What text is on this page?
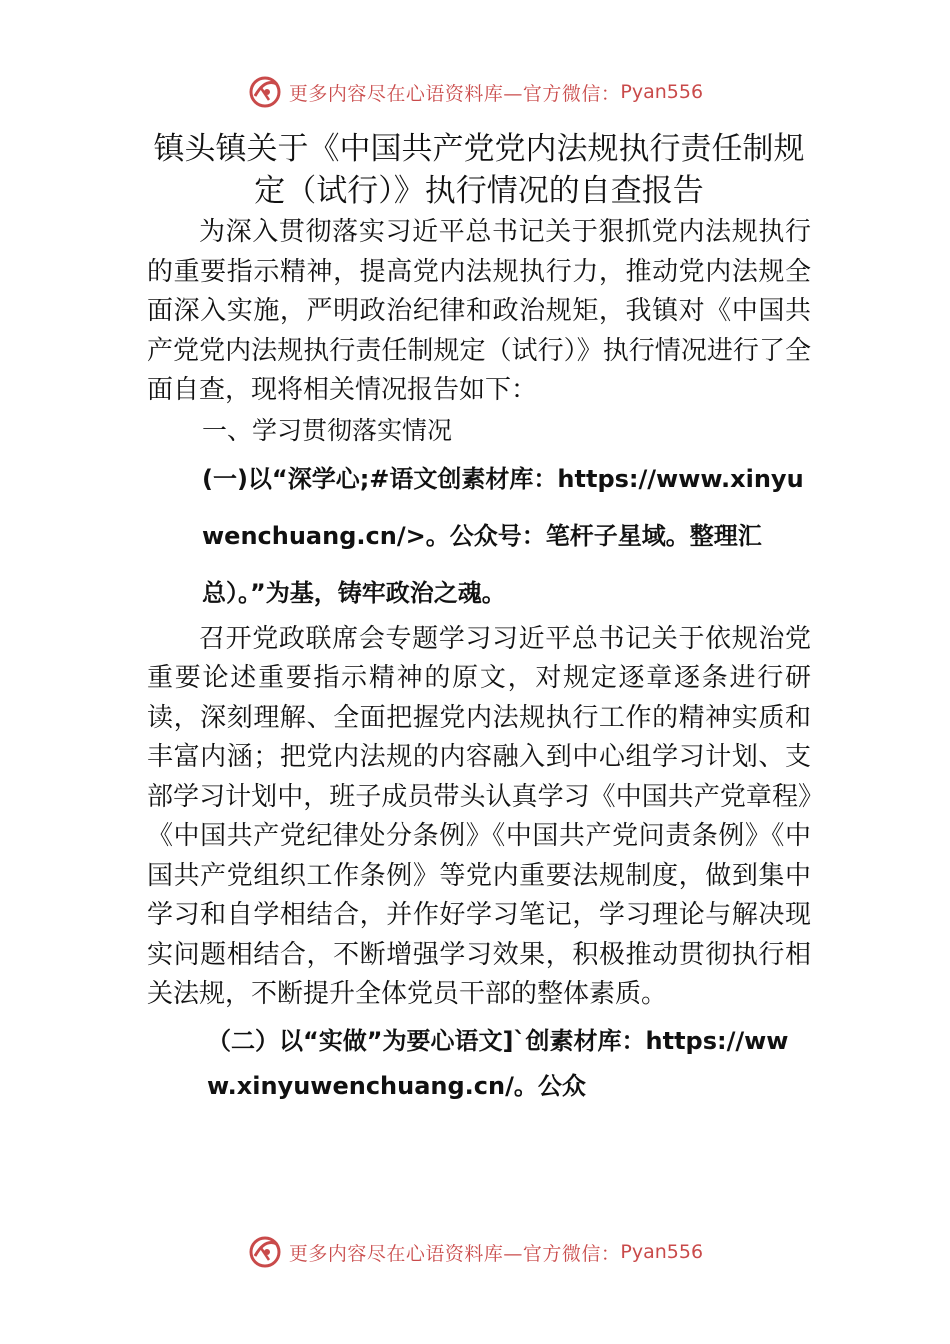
更多内容尽在心语资料库—官方微信： Pyan556
镇头镇关于《中国共产党党内法规执行责任制规定（试行）》执行情况的自查报告

为深入贯彻落实习近平总书记关于狠抓党内法规执行的重要指示精神，提高党内法规执行力，推动党内法规全面深入实施，严明政治纪律和政治规矩，我镇对《中国共产党党内法规执行责任制规定（试行）》执行情况进行了全面自查，现将相关情况报告如下：

一、学习贯彻落实情况

(一)以“深学心;#语文创素材库：https://www.xinyuwenchuang.cn/>。公众号：笔杆子星域。整理汇总）。”为基，铸牢政治之魂。

召开党政联席会专题学习习近平总书记关于依规治党重要论述重要指示精神的原文，对规定逐章逐条进行研读，深刻理解、全面把握党内法规执行工作的精神实质和丰富内涵；把党内法规的内容融入到中心组学习计划、支部学习计划中，班子成员带头认真学习《中国共产党章程》《中国共产党纪律处分条例》《中国共产党问责条例》《中国共产党组织工作条例》等党内重要法规制度，做到集中学习和自学相结合，并作好学习笔记，学习理论与解决现实问题相结合，不断增强学习效果，积极推动贯彻执行相关法规，不断提升全体党员干部的整体素质。

（二）以“实做”为要心语文]`创素材库：https://www.xinyuwenchuang.cn/。公众

更多内容尽在心语资料库—官方微信： Pyan556
